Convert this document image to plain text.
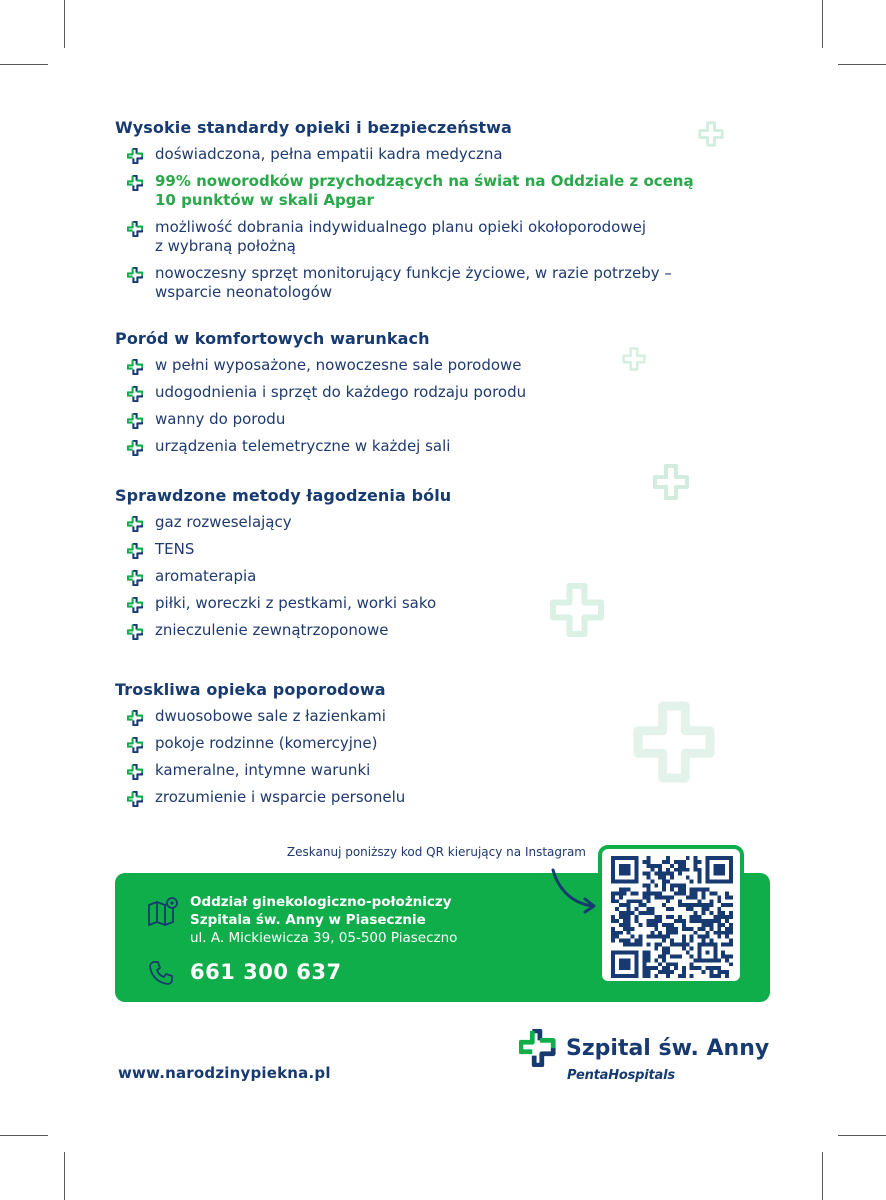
Wysokie standardy opieki i bezpieczeństwa
doświadczona, pełna empatii kadra medyczna
99% noworodków przychodzących na świat na Oddziale z oceną
10 punktów w skali Apgar
możliwość dobrania indywidualnego planu opieki okołoporodowej
z wybraną położną
nowoczesny sprzęt monitorujący funkcje życiowe, w razie potrzeby –
wsparcie neonatologów
Poród w komfortowych warunkach
w pełni wyposażone, nowoczesne sale porodowe
udogodnienia i sprzęt do każdego rodzaju porodu
wanny do porodu
urządzenia telemetryczne w każdej sali
Sprawdzone metody łagodzenia bólu
gaz rozweselający
TENS
aromaterapia
piłki, woreczki z pestkami, worki sako
znieczulenie zewnątrzoponowe
Troskliwa opieka poporodowa
dwuosobowe sale z łazienkami
pokoje rodzinne (komercyjne)
kameralne, intymne warunki
zrozumienie i wsparcie personelu
Zeskanuj poniższy kod QR kierujący na Instagram
Oddział ginekologiczno-położniczy
Szpitala św. Anny w Piasecznie
ul. A. Mickiewicza 39, 05-500 Piaseczno
661 300 637
www.narodzinypiekna.pl
Szpital św. Anny
PentaHospitals
